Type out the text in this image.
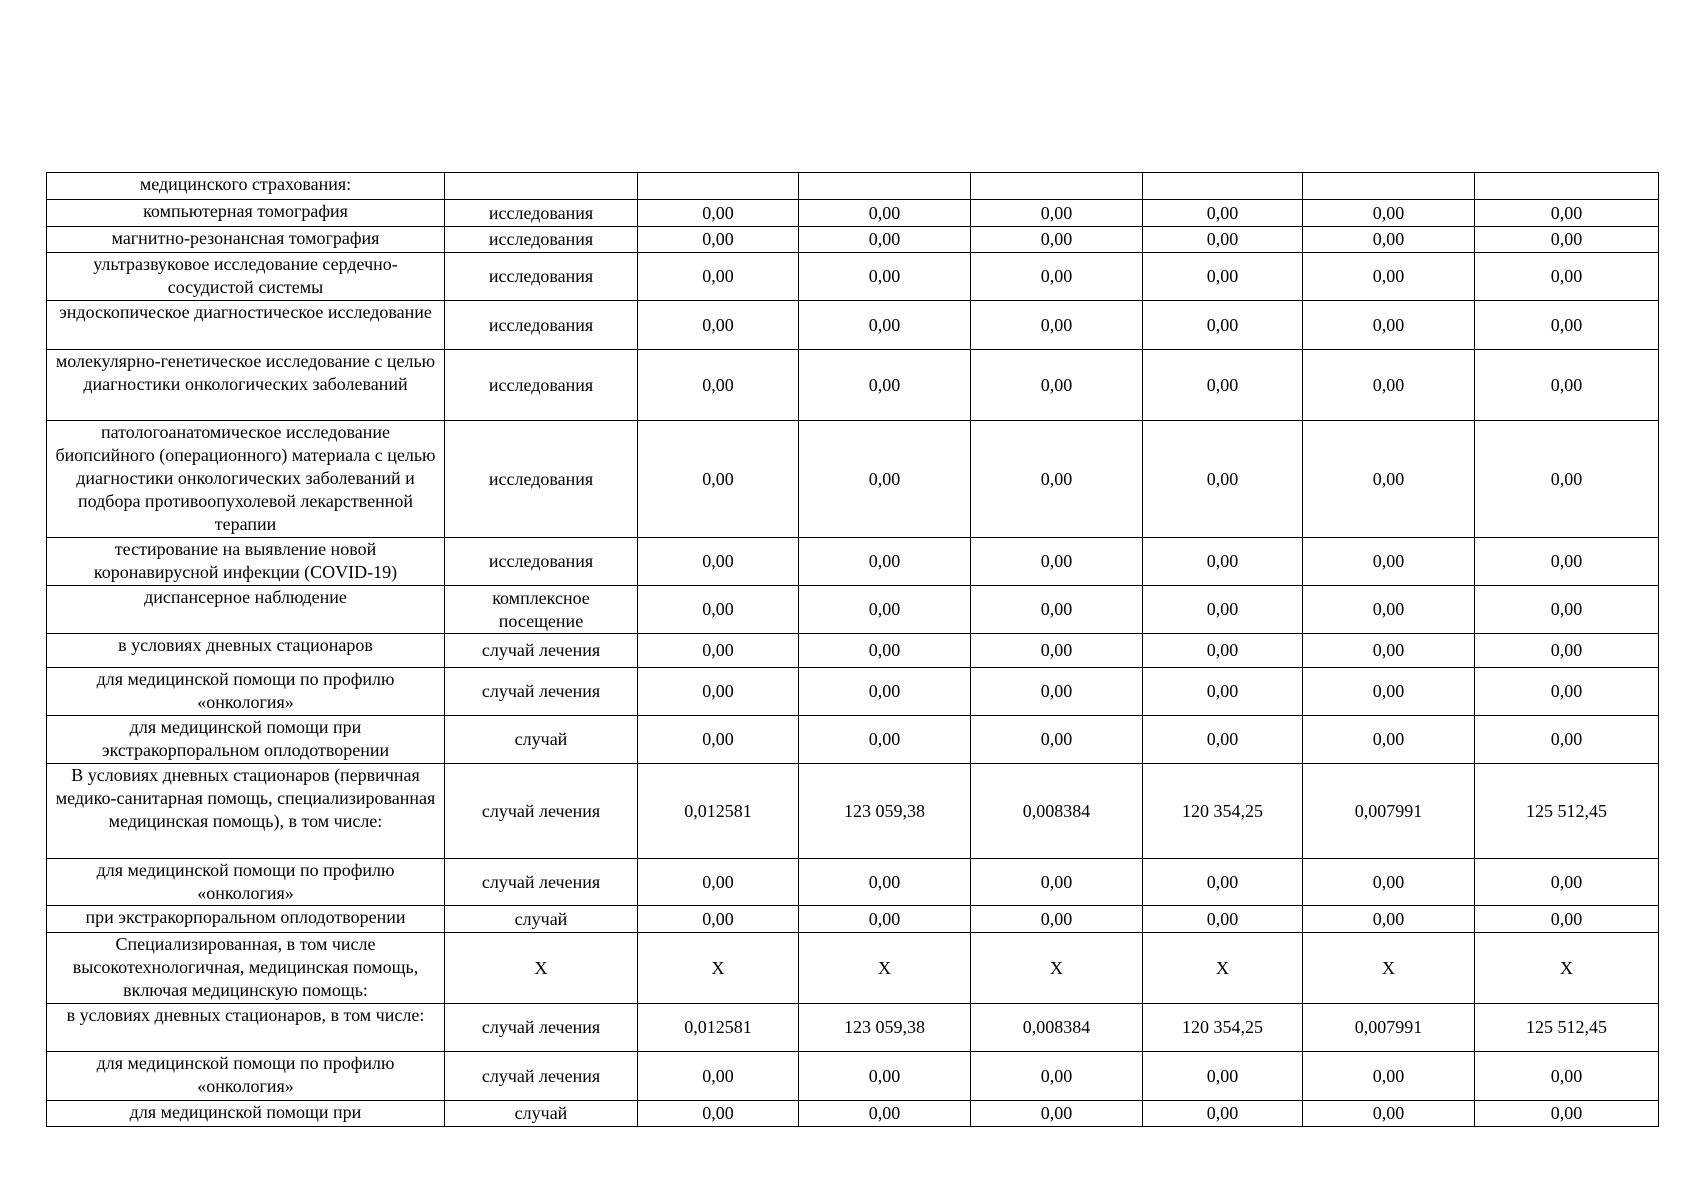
медицинского страхования:							
компьютерная томография	исследования	0,00	0,00	0,00	0,00	0,00	0,00
магнитно-резонансная томография	исследования	0,00	0,00	0,00	0,00	0,00	0,00
ультразвуковое исследование сердечно-сосудистой системы	исследования	0,00	0,00	0,00	0,00	0,00	0,00
эндоскопическое диагностическое исследование	исследования	0,00	0,00	0,00	0,00	0,00	0,00
молекулярно-генетическое исследование с целью диагностики онкологических заболеваний	исследования	0,00	0,00	0,00	0,00	0,00	0,00
патологоанатомическое исследование биопсийного (операционного) материала с целью диагностики онкологических заболеваний и подбора противоопухолевой лекарственной терапии	исследования	0,00	0,00	0,00	0,00	0,00	0,00
тестирование на выявление новой коронавирусной инфекции (COVID-19)	исследования	0,00	0,00	0,00	0,00	0,00	0,00
диспансерное наблюдение	комплексное посещение	0,00	0,00	0,00	0,00	0,00	0,00
в условиях дневных стационаров	случай лечения	0,00	0,00	0,00	0,00	0,00	0,00
для медицинской помощи по профилю «онкология»	случай лечения	0,00	0,00	0,00	0,00	0,00	0,00
для медицинской помощи при экстракорпоральном оплодотворении	случай	0,00	0,00	0,00	0,00	0,00	0,00
В условиях дневных стационаров (первичная медико-санитарная помощь, специализированная медицинская помощь), в том числе:	случай лечения	0,012581	123 059,38	0,008384	120 354,25	0,007991	125 512,45
для медицинской помощи по профилю «онкология»	случай лечения	0,00	0,00	0,00	0,00	0,00	0,00
при экстракорпоральном оплодотворении	случай	0,00	0,00	0,00	0,00	0,00	0,00
Специализированная, в том числе высокотехнологичная, медицинская помощь, включая медицинскую помощь:	X	X	X	X	X	X	X
в условиях дневных стационаров, в том числе:	случай лечения	0,012581	123 059,38	0,008384	120 354,25	0,007991	125 512,45
для медицинской помощи по профилю «онкология»	случай лечения	0,00	0,00	0,00	0,00	0,00	0,00
для медицинской помощи при	случай	0,00	0,00	0,00	0,00	0,00	0,00
